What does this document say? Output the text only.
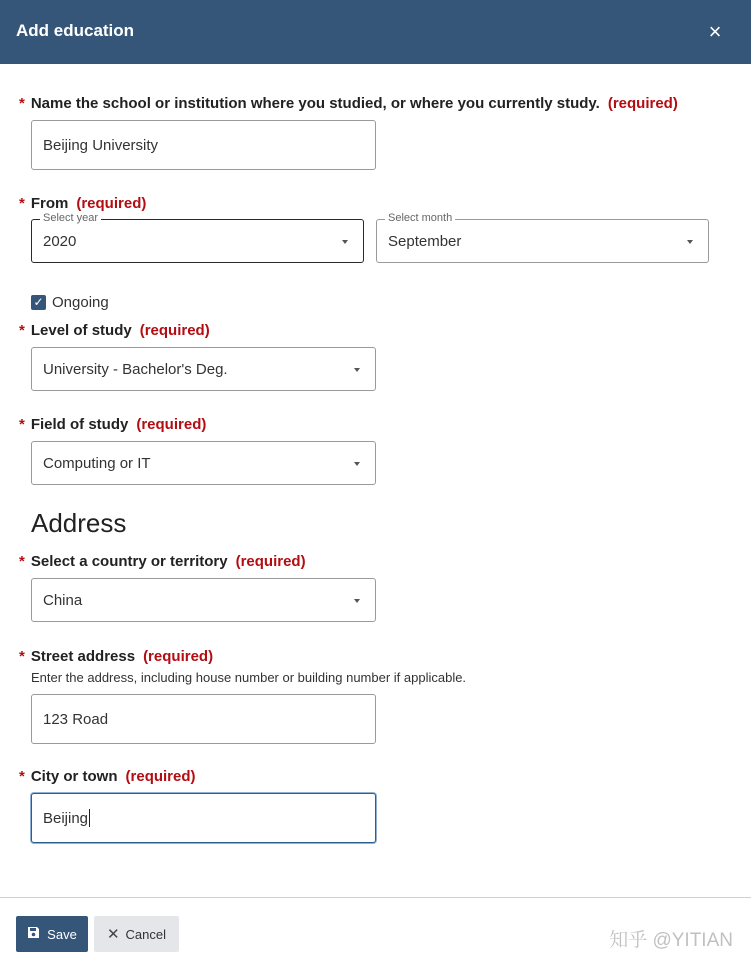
Add education	×
* Name the school or institution where you studied, or where you currently study. (required)
Beijing University
* From (required)
Select year
2020
Select month
September
✓ Ongoing
* Level of study (required)
University - Bachelor's Deg.
* Field of study (required)
Computing or IT
Address
* Select a country or territory (required)
China
* Street address (required)
Enter the address, including house number or building number if applicable.
123 Road
* City or town (required)
Beijing
Save ✕ Cancel	知乎 @YITIAN
